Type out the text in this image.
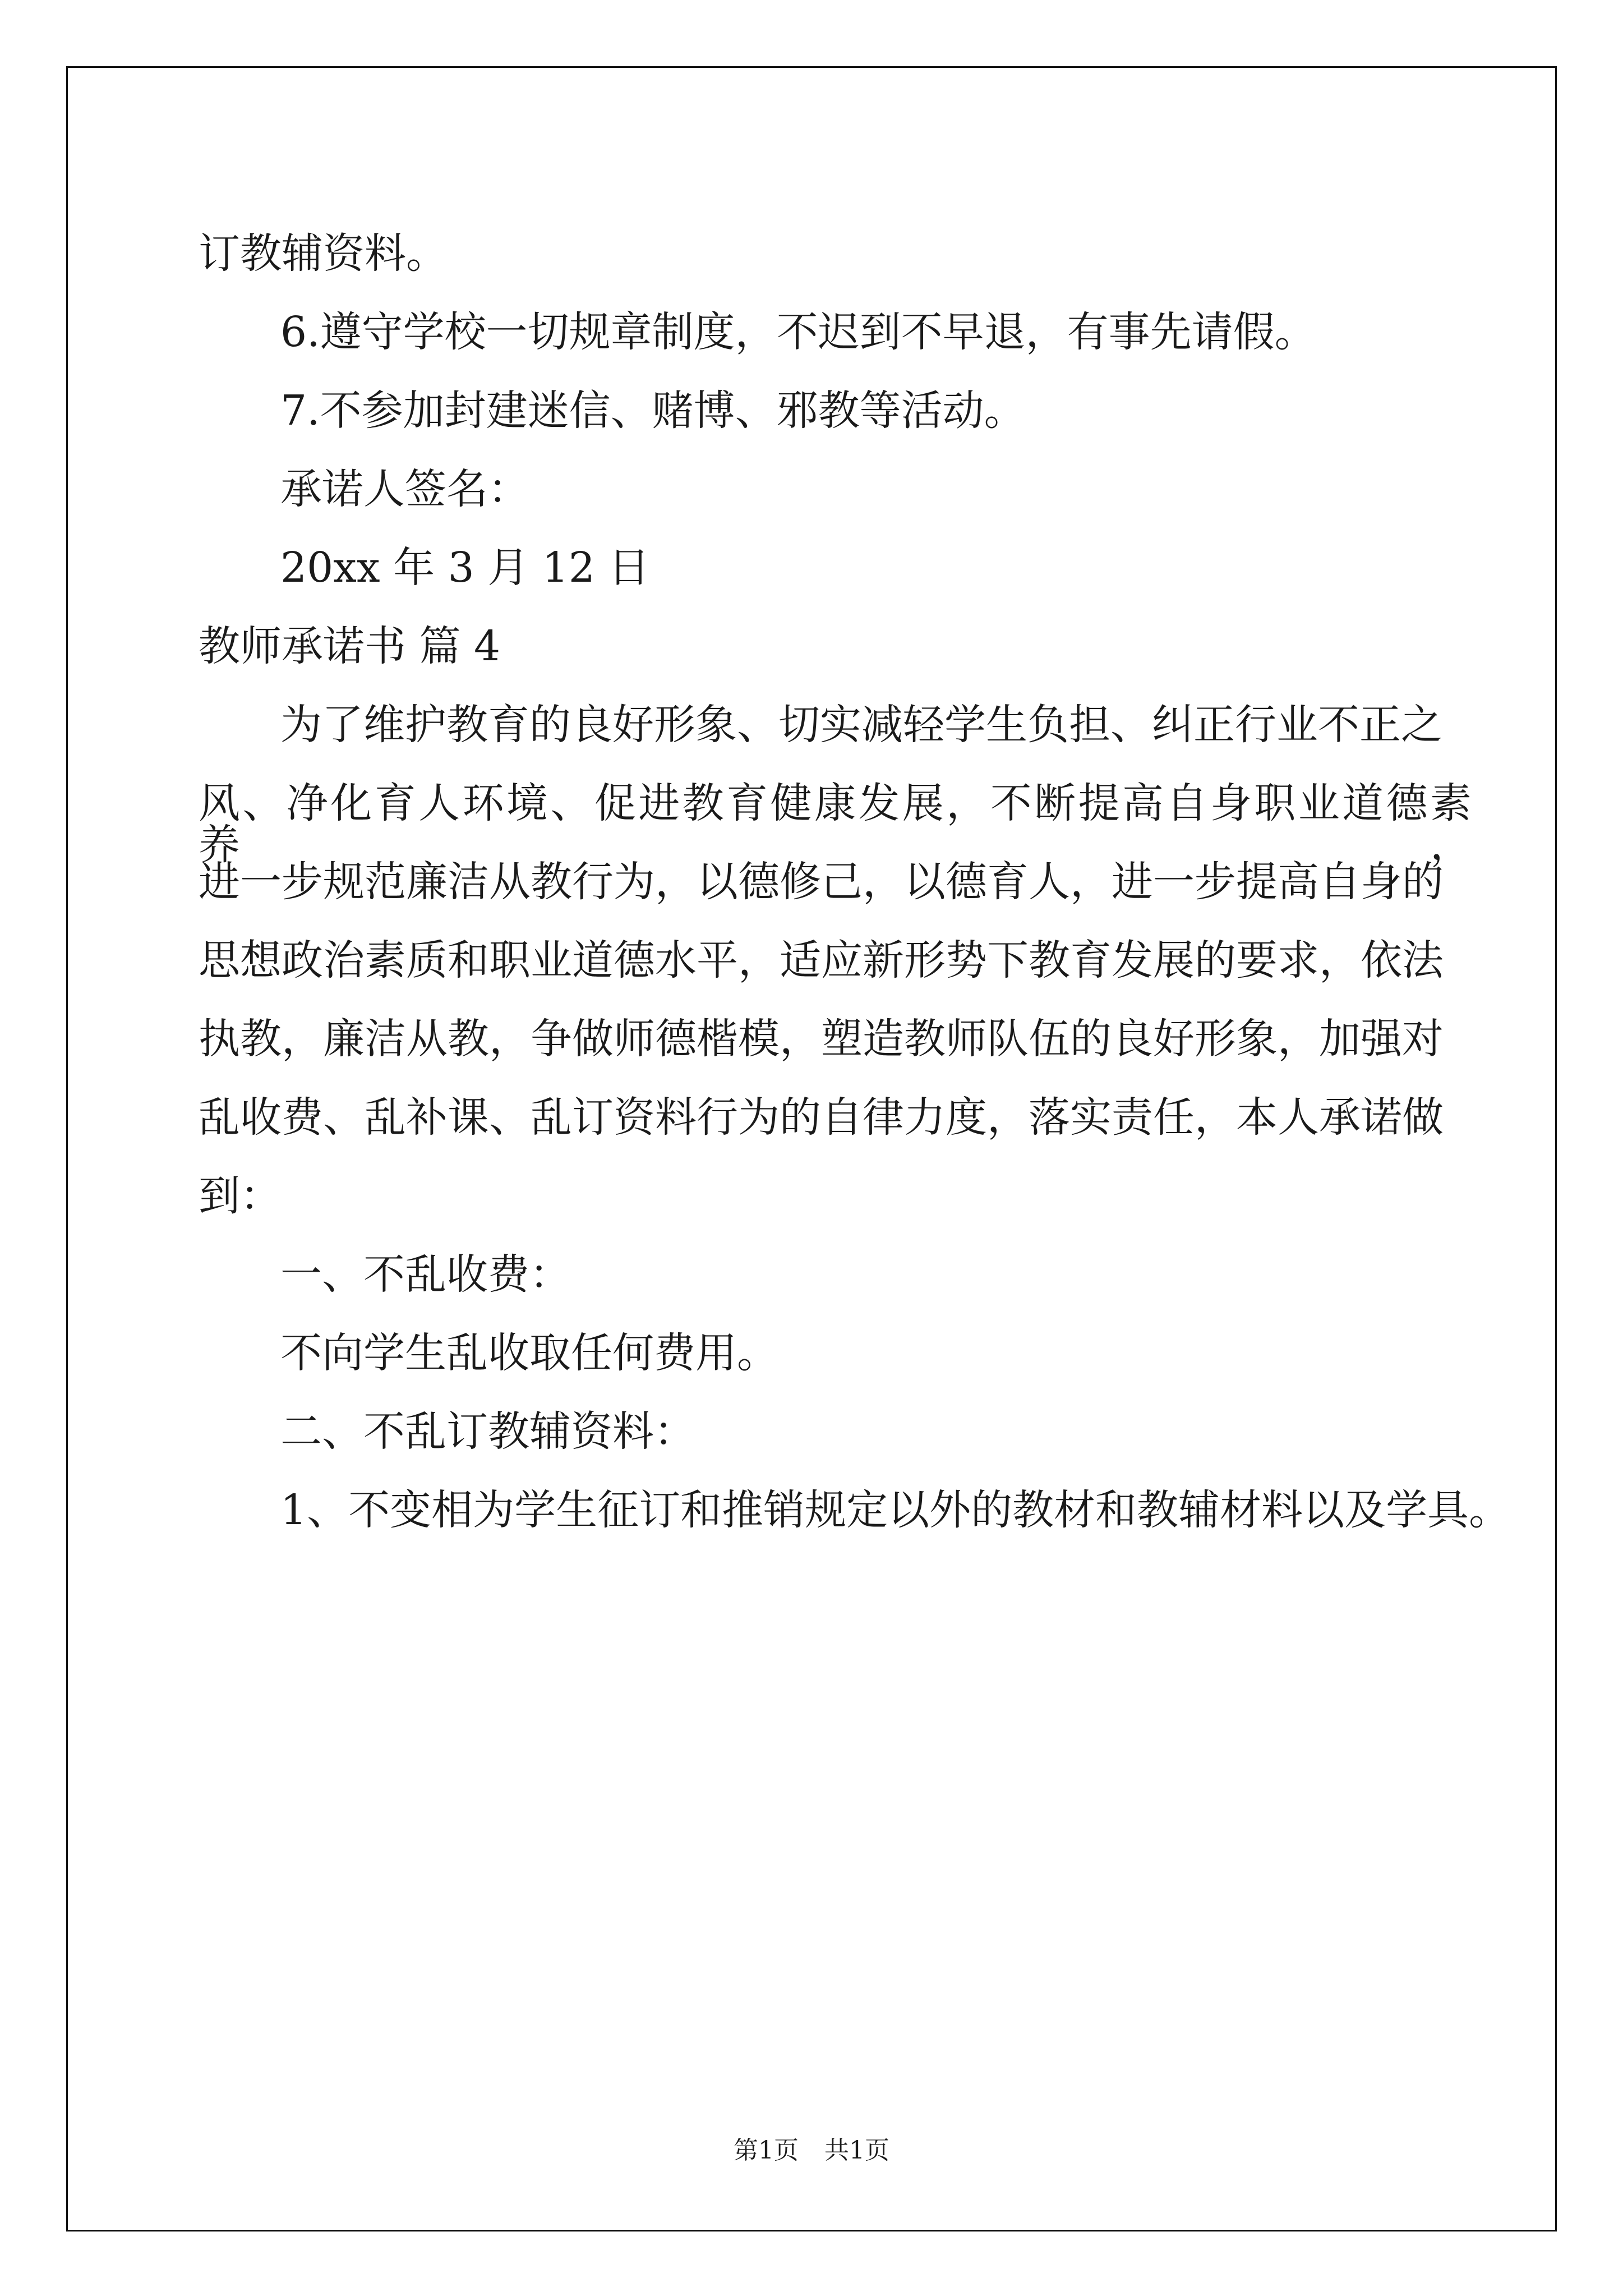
订教辅资料。
6.遵守学校一切规章制度，不迟到不早退，有事先请假。
7.不参加封建迷信、赌博、邪教等活动。
承诺人签名：
20xx 年 3 月 12 日
教师承诺书 篇 4
为了维护教育的良好形象、切实减轻学生负担、纠正行业不正之
风、净化育人环境、促进教育健康发展，不断提高自身职业道德素养，
进一步规范廉洁从教行为，以德修己，以德育人，进一步提高自身的
思想政治素质和职业道德水平，适应新形势下教育发展的要求，依法
执教，廉洁从教，争做师德楷模，塑造教师队伍的良好形象，加强对
乱收费、乱补课、乱订资料行为的自律力度，落实责任，本人承诺做
到：
一、不乱收费：
不向学生乱收取任何费用。
二、不乱订教辅资料：
1、不变相为学生征订和推销规定以外的教材和教辅材料以及学具。
第1页 共1页
